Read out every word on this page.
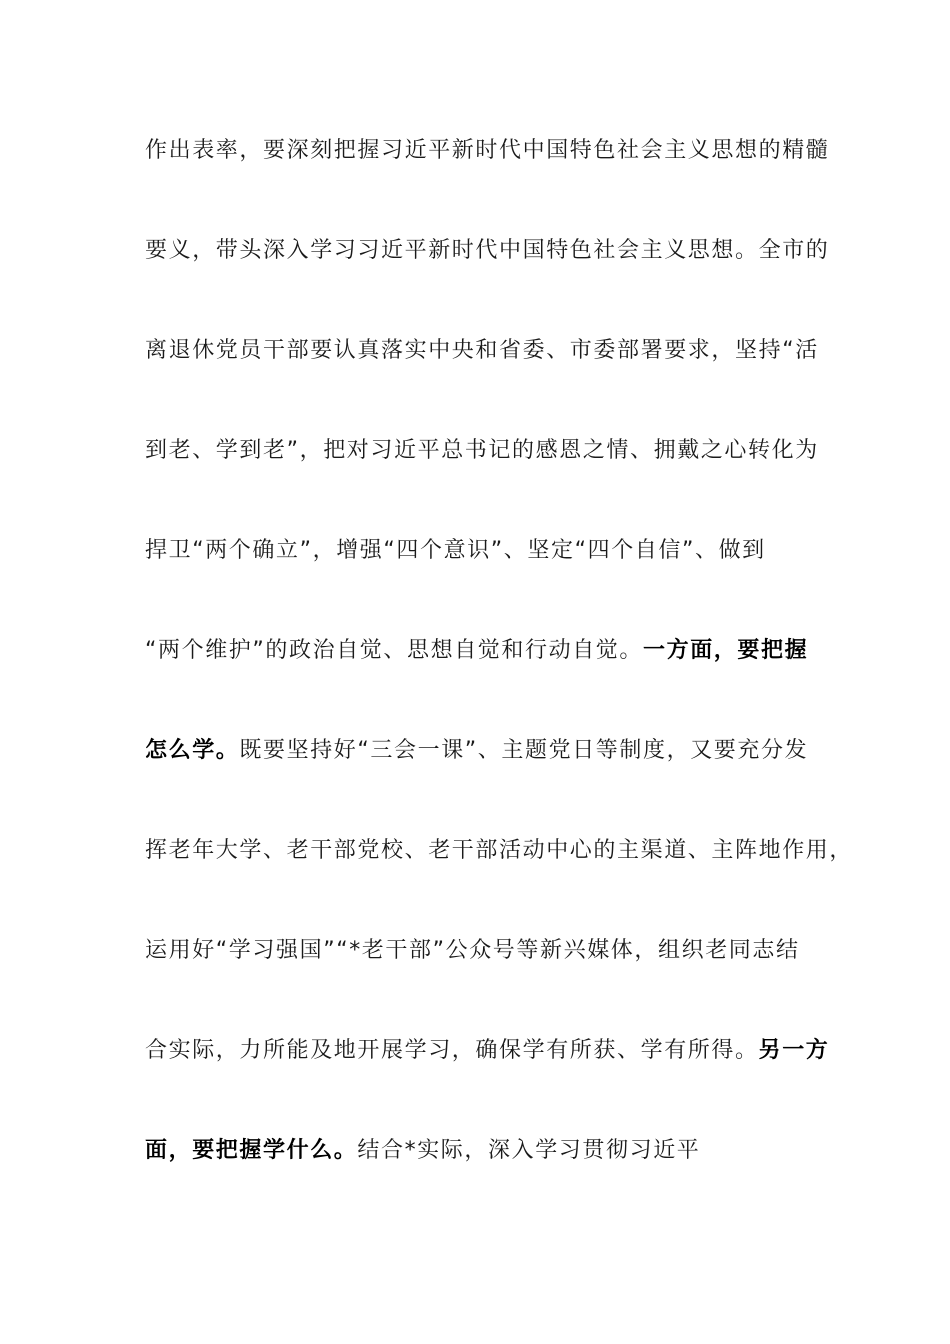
作出表率，要深刻把握习近平新时代中国特色社会主义思想的精髓
要义，带头深入学习习近平新时代中国特色社会主义思想。全市的
离退休党员干部要认真落实中央和省委、市委部署要求，坚持“活
到老、学到老”，把对习近平总书记的感恩之情、拥戴之心转化为
捍卫“两个确立”，增强“四个意识”、坚定“四个自信”、做到
“两个维护”的政治自觉、思想自觉和行动自觉。一方面，要把握
怎么学。既要坚持好“三会一课”、主题党日等制度，又要充分发
挥老年大学、老干部党校、老干部活动中心的主渠道、主阵地作用，
运用好“学习强国”“*老干部”公众号等新兴媒体，组织老同志结
合实际，力所能及地开展学习，确保学有所获、学有所得。另一方
面，要把握学什么。结合*实际，深入学习贯彻习近平
